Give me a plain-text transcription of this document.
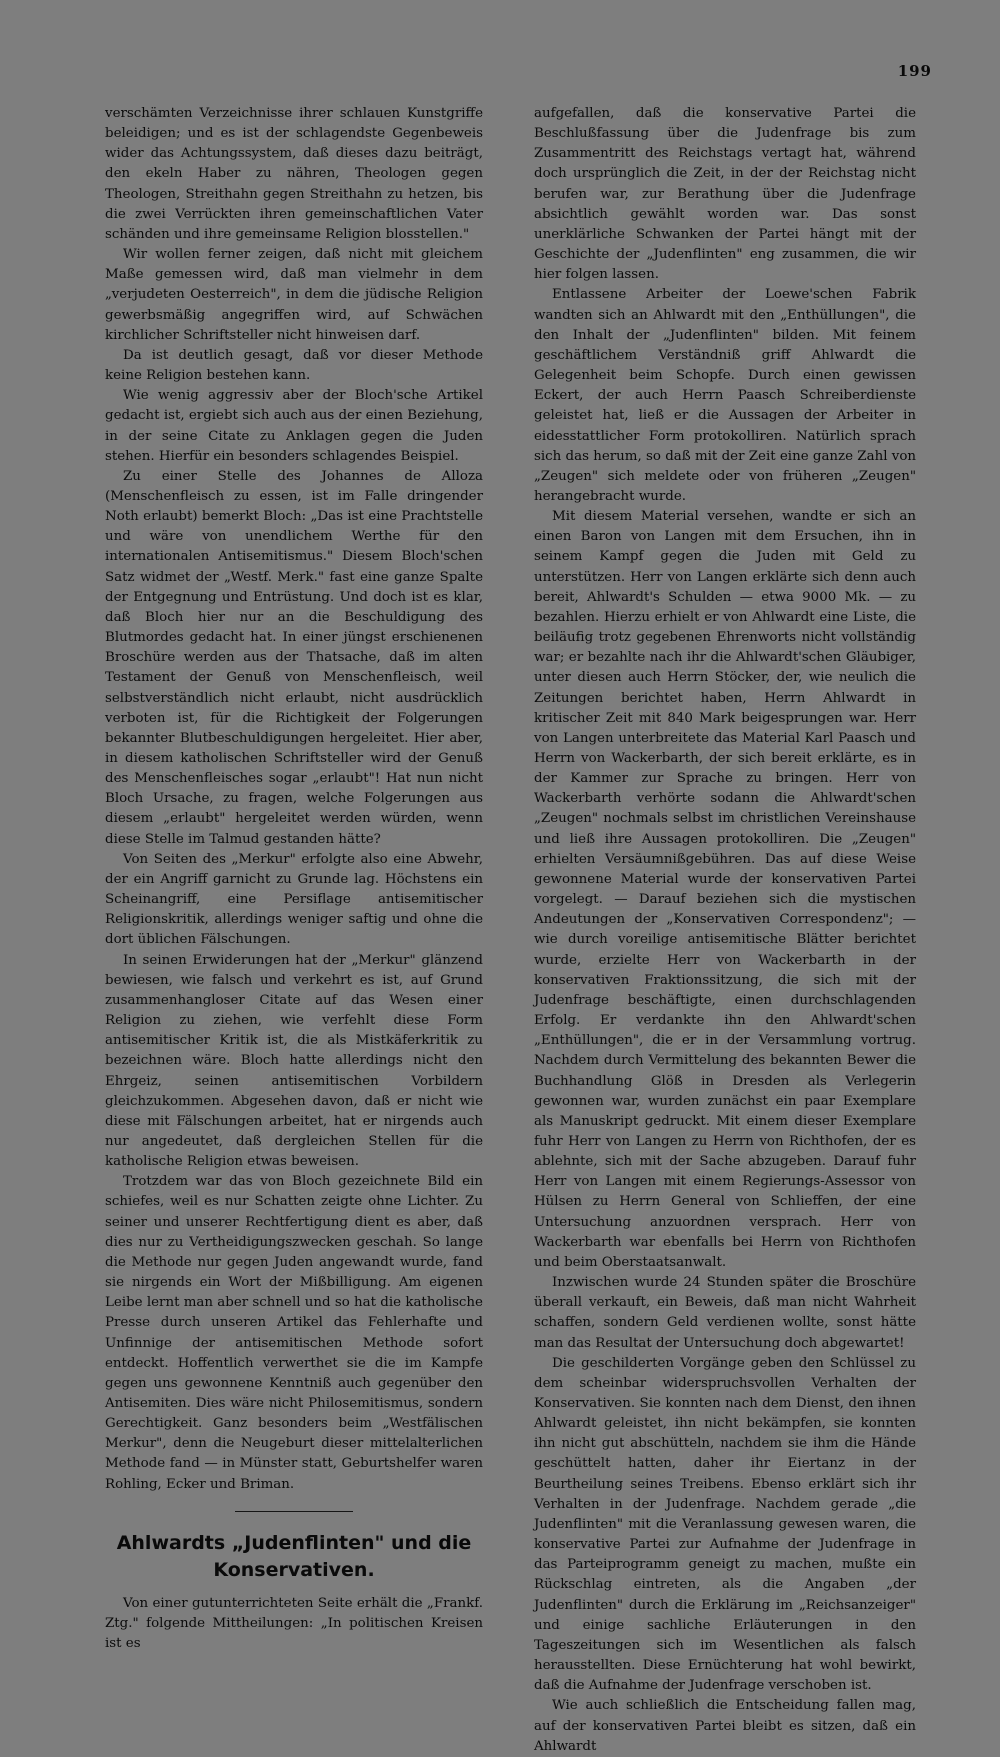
199

verschämten Verzeichnisse ihrer schlauen Kunstgriffe beleidigen; und es ist der schlagendste Gegenbeweis wider das Achtungssystem, daß dieses dazu beiträgt, den ekeln Haber zu nähren, Theologen gegen Theologen, Streithahn gegen Streithahn zu hetzen, bis die zwei Verrückten ihren gemeinschaftlichen Vater schänden und ihre gemeinsame Religion blosstellen."

Wir wollen ferner zeigen, daß nicht mit gleichem Maße gemessen wird, daß man vielmehr in dem „verjudeten Oesterreich", in dem die jüdische Religion gewerbsmäßig angegriffen wird, auf Schwächen kirchlicher Schriftsteller nicht hinweisen darf.

Da ist deutlich gesagt, daß vor dieser Methode keine Religion bestehen kann.

Wie wenig aggressiv aber der Bloch'sche Artikel gedacht ist, ergiebt sich auch aus der einen Beziehung, in der seine Citate zu Anklagen gegen die Juden stehen. Hierfür ein besonders schlagendes Beispiel.

Zu einer Stelle des Johannes de Alloza (Menschenfleisch zu essen, ist im Falle dringender Noth erlaubt) bemerkt Bloch: „Das ist eine Prachtstelle und wäre von unendlichem Werthe für den internationalen Antisemitismus." Diesem Bloch'schen Satz widmet der „Westf. Merk." fast eine ganze Spalte der Entgegnung und Entrüstung. Und doch ist es klar, daß Bloch hier nur an die Beschuldigung des Blutmordes gedacht hat. In einer jüngst erschienenen Broschüre werden aus der Thatsache, daß im alten Testament der Genuß von Menschenfleisch, weil selbstverständlich nicht erlaubt, nicht ausdrücklich verboten ist, für die Richtigkeit der Folgerungen bekannter Blutbeschuldigungen hergeleitet. Hier aber, in diesem katholischen Schriftsteller wird der Genuß des Menschenfleisches sogar „erlaubt"! Hat nun nicht Bloch Ursache, zu fragen, welche Folgerungen aus diesem „erlaubt" hergeleitet werden würden, wenn diese Stelle im Talmud gestanden hätte?

Von Seiten des „Merkur" erfolgte also eine Abwehr, der ein Angriff garnicht zu Grunde lag. Höchstens ein Scheinangriff, eine Persiflage antisemitischer Religionskritik, allerdings weniger saftig und ohne die dort üblichen Fälschungen.

In seinen Erwiderungen hat der „Merkur" glänzend bewiesen, wie falsch und verkehrt es ist, auf Grund zusammenhangloser Citate auf das Wesen einer Religion zu ziehen, wie verfehlt diese Form antisemitischer Kritik ist, die als Mistkäferkritik zu bezeichnen wäre. Bloch hatte allerdings nicht den Ehrgeiz, seinen antisemitischen Vorbildern gleichzukommen. Abgesehen davon, daß er nicht wie diese mit Fälschungen arbeitet, hat er nirgends auch nur angedeutet, daß dergleichen Stellen für die katholische Religion etwas beweisen.

Trotzdem war das von Bloch gezeichnete Bild ein schiefes, weil es nur Schatten zeigte ohne Lichter. Zu seiner und unserer Rechtfertigung dient es aber, daß dies nur zu Vertheidigungszwecken geschah. So lange die Methode nur gegen Juden angewandt wurde, fand sie nirgends ein Wort der Mißbilligung. Am eigenen Leibe lernt man aber schnell und so hat die katholische Presse durch unseren Artikel das Fehlerhafte und Unfinnige der antisemitischen Methode sofort entdeckt. Hoffentlich verwerthet sie die im Kampfe gegen uns gewonnene Kenntniß auch gegenüber den Antisemiten. Dies wäre nicht Philosemitismus, sondern Gerechtigkeit. Ganz besonders beim „Westfälischen Merkur", denn die Neugeburt dieser mittelalterlichen Methode fand — in Münster statt, Geburtshelfer waren Rohling, Ecker und Briman.

Ahlwardts „Judenflinten" und die Konservativen.

Von einer gutunterrichteten Seite erhält die „Frankf. Ztg." folgende Mittheilungen: „In politischen Kreisen ist es

aufgefallen, daß die konservative Partei die Beschlußfassung über die Judenfrage bis zum Zusammentritt des Reichstags vertagt hat, während doch ursprünglich die Zeit, in der der Reichstag nicht berufen war, zur Berathung über die Judenfrage absichtlich gewählt worden war. Das sonst unerklärliche Schwanken der Partei hängt mit der Geschichte der „Judenflinten" eng zusammen, die wir hier folgen lassen.

Entlassene Arbeiter der Loewe'schen Fabrik wandten sich an Ahlwardt mit den „Enthüllungen", die den Inhalt der „Judenflinten" bilden. Mit feinem geschäftlichem Verständniß griff Ahlwardt die Gelegenheit beim Schopfe. Durch einen gewissen Eckert, der auch Herrn Paasch Schreiberdienste geleistet hat, ließ er die Aussagen der Arbeiter in eidesstattlicher Form protokolliren. Natürlich sprach sich das herum, so daß mit der Zeit eine ganze Zahl von „Zeugen" sich meldete oder von früheren „Zeugen" herangebracht wurde.

Mit diesem Material versehen, wandte er sich an einen Baron von Langen mit dem Ersuchen, ihn in seinem Kampf gegen die Juden mit Geld zu unterstützen. Herr von Langen erklärte sich denn auch bereit, Ahlwardt's Schulden — etwa 9000 Mk. — zu bezahlen. Hierzu erhielt er von Ahlwardt eine Liste, die beiläufig trotz gegebenen Ehrenworts nicht vollständig war; er bezahlte nach ihr die Ahlwardt'schen Gläubiger, unter diesen auch Herrn Stöcker, der, wie neulich die Zeitungen berichtet haben, Herrn Ahlwardt in kritischer Zeit mit 840 Mark beigesprungen war. Herr von Langen unterbreitete das Material Karl Paasch und Herrn von Wackerbarth, der sich bereit erklärte, es in der Kammer zur Sprache zu bringen. Herr von Wackerbarth verhörte sodann die Ahlwardt'schen „Zeugen" nochmals selbst im christlichen Vereinshause und ließ ihre Aussagen protokolliren. Die „Zeugen" erhielten Versäumnißgebühren. Das auf diese Weise gewonnene Material wurde der konservativen Partei vorgelegt. — Darauf beziehen sich die mystischen Andeutungen der „Konservativen Correspondenz"; — wie durch voreilige antisemitische Blätter berichtet wurde, erzielte Herr von Wackerbarth in der konservativen Fraktionssitzung, die sich mit der Judenfrage beschäftigte, einen durchschlagenden Erfolg. Er verdankte ihn den Ahlwardt'schen „Enthüllungen", die er in der Versammlung vortrug. Nachdem durch Vermittelung des bekannten Bewer die Buchhandlung Glöß in Dresden als Verlegerin gewonnen war, wurden zunächst ein paar Exemplare als Manuskript gedruckt. Mit einem dieser Exemplare fuhr Herr von Langen zu Herrn von Richthofen, der es ablehnte, sich mit der Sache abzugeben. Darauf fuhr Herr von Langen mit einem Regierungs-Assessor von Hülsen zu Herrn General von Schlieffen, der eine Untersuchung anzuordnen versprach. Herr von Wackerbarth war ebenfalls bei Herrn von Richthofen und beim Oberstaatsanwalt.

Inzwischen wurde 24 Stunden später die Broschüre überall verkauft, ein Beweis, daß man nicht Wahrheit schaffen, sondern Geld verdienen wollte, sonst hätte man das Resultat der Untersuchung doch abgewartet!

Die geschilderten Vorgänge geben den Schlüssel zu dem scheinbar widerspruchsvollen Verhalten der Konservativen. Sie konnten nach dem Dienst, den ihnen Ahlwardt geleistet, ihn nicht bekämpfen, sie konnten ihn nicht gut abschütteln, nachdem sie ihm die Hände geschüttelt hatten, daher ihr Eiertanz in der Beurtheilung seines Treibens. Ebenso erklärt sich ihr Verhalten in der Judenfrage. Nachdem gerade „die Judenflinten" mit die Veranlassung gewesen waren, die konservative Partei zur Aufnahme der Judenfrage in das Parteiprogramm geneigt zu machen, mußte ein Rückschlag eintreten, als die Angaben „der Judenflinten" durch die Erklärung im „Reichsanzeiger" und einige sachliche Erläuterungen in den Tageszeitungen sich im Wesentlichen als falsch herausstellten. Diese Ernüchterung hat wohl bewirkt, daß die Aufnahme der Judenfrage verschoben ist.

Wie auch schließlich die Entscheidung fallen mag, auf der konservativen Partei bleibt es sitzen, daß ein Ahlwardt
